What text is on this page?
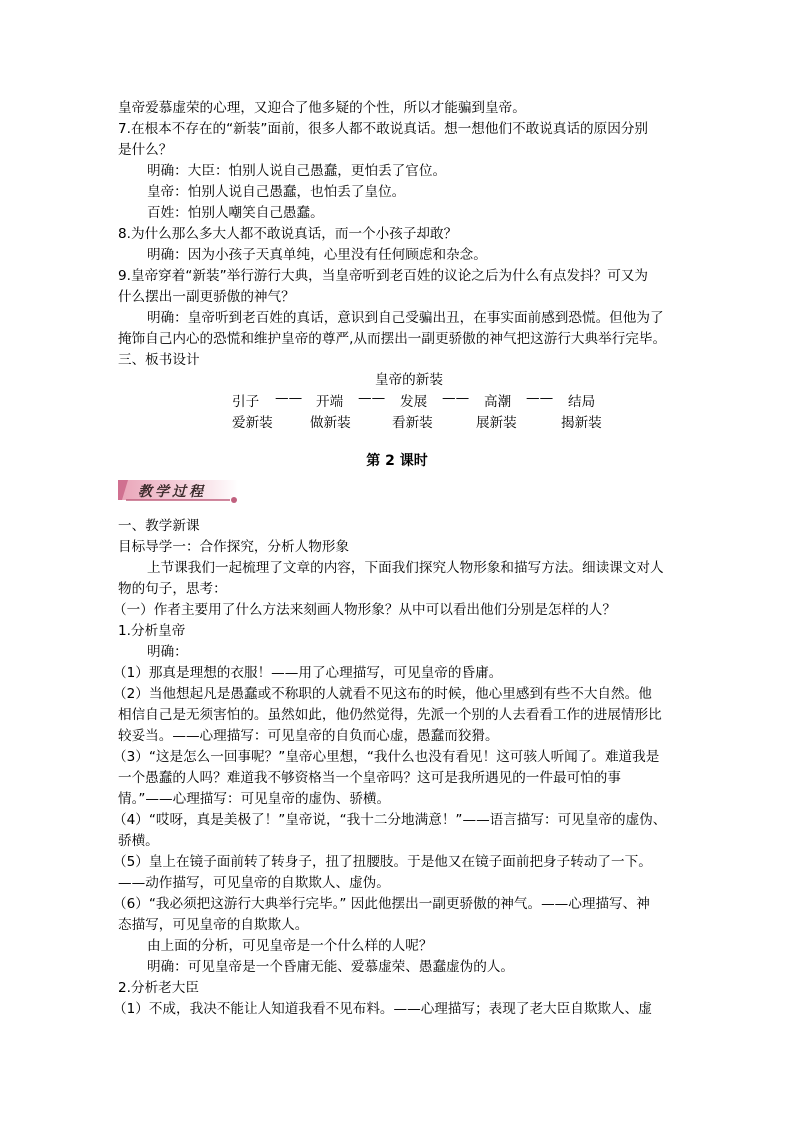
皇帝爱慕虚荣的心理，又迎合了他多疑的个性，所以才能骗到皇帝。
7.在根本不存在的“新装”面前，很多人都不敢说真话。想一想他们不敢说真话的原因分别
是什么？
明确：大臣：怕别人说自己愚蠢，更怕丢了官位。
皇帝：怕别人说自己愚蠢，也怕丢了皇位。
百姓：怕别人嘲笑自己愚蠢。
8.为什么那么多大人都不敢说真话，而一个小孩子却敢？
明确：因为小孩子天真单纯，心里没有任何顾虑和杂念。
9.皇帝穿着“新装”举行游行大典，当皇帝听到老百姓的议论之后为什么有点发抖？可又为
什么摆出一副更骄傲的神气？
明确：皇帝听到老百姓的真话，意识到自己受骗出丑，在事实面前感到恐慌。但他为了
掩饰自己内心的恐慌和维护皇帝的尊严,从而摆出一副更骄傲的神气把这游行大典举行完毕。
三、板书设计
皇帝的新装
引子 —— 开端 —— 发展 —— 高潮 —— 结局
爱新装	做新装	看新装	展新装	揭新装
第 2 课时
教学过程
一、教学新课
目标导学一：合作探究，分析人物形象
上节课我们一起梳理了文章的内容，下面我们探究人物形象和描写方法。细读课文对人
物的句子，思考：
（一）作者主要用了什么方法来刻画人物形象？从中可以看出他们分别是怎样的人？
1.分析皇帝
明确：
（1）那真是理想的衣服！——用了心理描写，可见皇帝的昏庸。
（2）当他想起凡是愚蠢或不称职的人就看不见这布的时候，他心里感到有些不大自然。他
相信自己是无须害怕的。虽然如此，他仍然觉得，先派一个别的人去看看工作的进展情形比
较妥当。——心理描写：可见皇帝的自负而心虚，愚蠢而狡猾。
（3）“这是怎么一回事呢？”皇帝心里想，“我什么也没有看见！这可骇人听闻了。难道我是
一个愚蠢的人吗？难道我不够资格当一个皇帝吗？这可是我所遇见的一件最可怕的事
情。”——心理描写：可见皇帝的虚伪、骄横。
（4）“哎呀，真是美极了！”皇帝说，“我十二分地满意！”——语言描写：可见皇帝的虚伪、
骄横。
（5）皇上在镜子面前转了转身子，扭了扭腰肢。于是他又在镜子面前把身子转动了一下。
——动作描写，可见皇帝的自欺欺人、虚伪。
（6）“我必须把这游行大典举行完毕。” 因此他摆出一副更骄傲的神气。——心理描写、神
态描写，可见皇帝的自欺欺人。
由上面的分析，可见皇帝是一个什么样的人呢？
明确：可见皇帝是一个昏庸无能、爱慕虚荣、愚蠢虚伪的人。
2.分析老大臣
（1）不成，我决不能让人知道我看不见布料。——心理描写；表现了老大臣自欺欺人、虚
